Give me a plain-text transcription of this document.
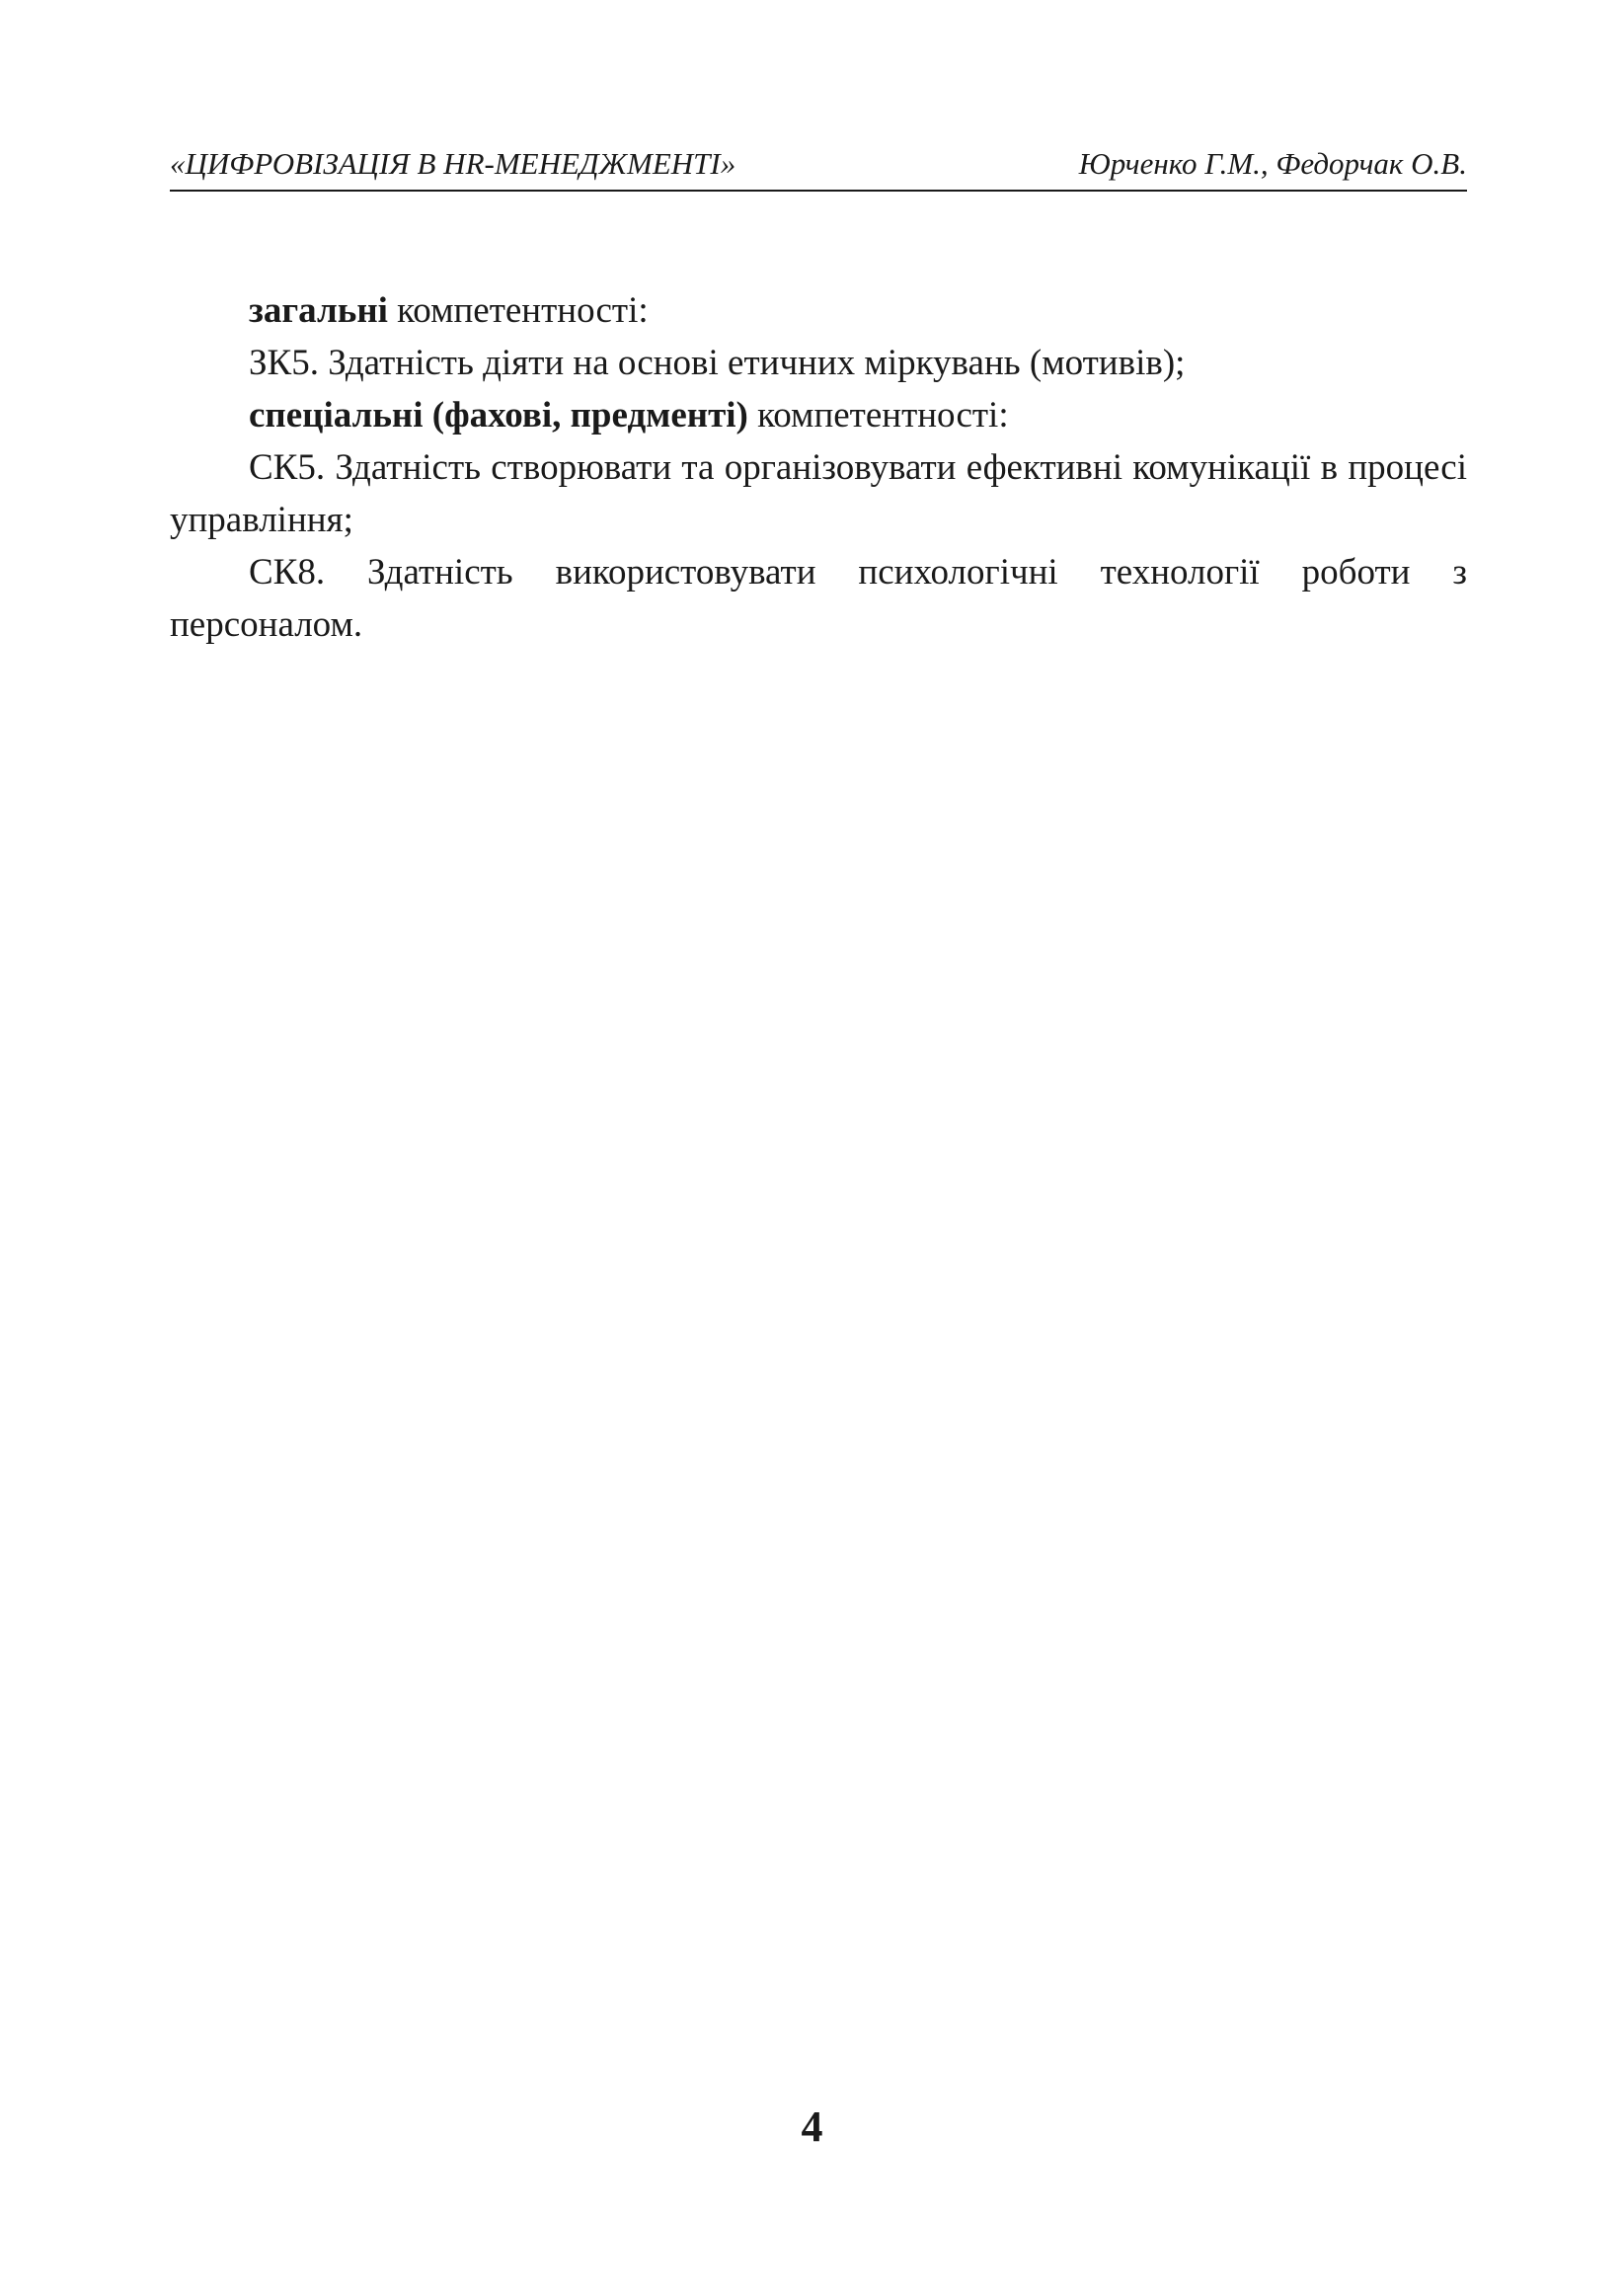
«ЦИФРОВІЗАЦІЯ В HR-МЕНЕДЖМЕНТІ»	Юрченко Г.М., Федорчак О.В.

загальні компетентності:

ЗК5. Здатність діяти на основі етичних міркувань (мотивів);

спеціальні (фахові, предменті) компетентності:

СК5. Здатність створювати та організовувати ефективні комунікації в процесі управління;

СК8. Здатність використовувати психологічні технології роботи з персоналом.

4
